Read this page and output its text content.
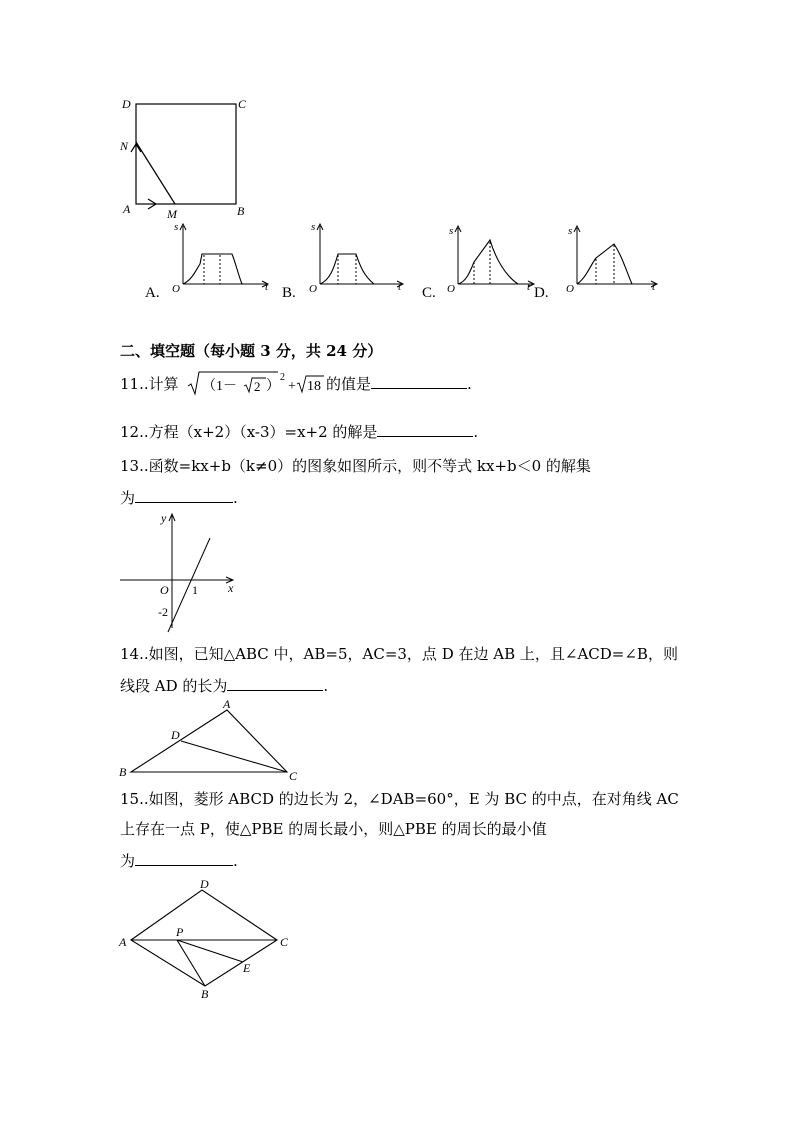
D	C
N
A	M	B
A.
s
O	t B.
s
O	t C.
s
O	t D.
s
O	t
二、填空题（每小题 3 分，共 24 分）
11..计算 （1－ 2 ）
2
+ 18 的值是	.
12..方程（x+2）（x-3）=x+2 的解是	.
13..函数=kx+b（k≠0）的图象如图所示，则不等式 kx+b＜0 的解集
为	.
y
x
O 1
-2
14..如图，已知△ABC 中，AB=5，AC=3，点 D 在边 AB 上，且∠ACD=∠B，则
线段 AD 的长为	.
A
B	C
D
15..如图，菱形 ABCD 的边长为 2，∠DAB=60°，E 为 BC 的中点，在对角线 AC
上存在一点 P，使△PBE 的周长最小，则△PBE 的周长的最小值
为	.
A
D
C
B
P
E
